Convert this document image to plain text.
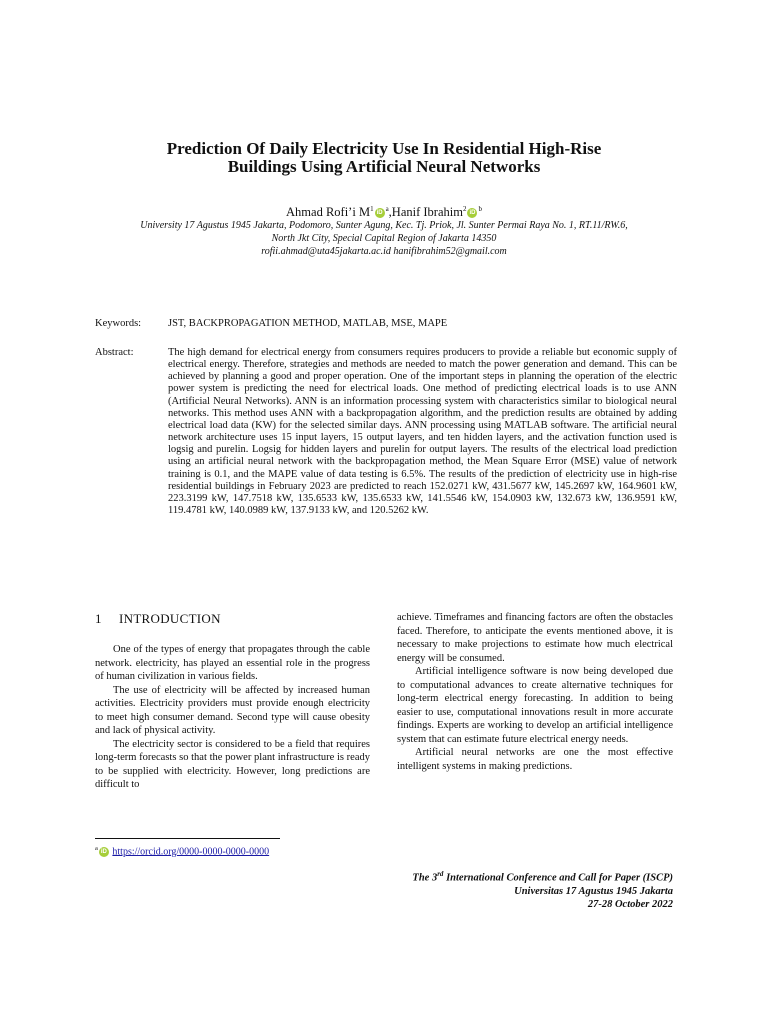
Prediction Of Daily Electricity Use In Residential High-Rise
Buildings Using Artificial Neural Networks
Ahmad Rofi’i $M^1iD^a,Hanif$ $Ibrahim^2iD^b$
University 17 Agustus 1945 Jakarta, Podomoro, Sunter Agung, Kec. Tj. Priok, Jl. Sunter Permai Raya No. 1, RT.11/RW.6,
North Jkt City, Special Capital Region of Jakarta 14350
rofii.ahmad@uta45jakarta.ac.id hanifibrahim52@gmail.com
Keywords:	JST, BACKPROPAGATION METHOD, MATLAB, MSE, MAPE
Abstract:	The high demand for electrical energy from consumers requires producers to provide a reliable but economic supply of electrical energy. Therefore, strategies and methods are needed to match the power generation and demand. This can be achieved by planning a good and proper operation. One of the important steps in planning the operation of the electric power system is predicting the need for electrical loads. One method of predicting electrical loads is to use ANN (Artificial Neural Networks). ANN is an information processing system with characteristics similar to biological neural networks. This method uses ANN with a backpropagation algorithm, and the prediction results are obtained by adding electrical load data (KW) for the selected similar days. ANN processing using MATLAB software. The artificial neural network architecture uses 15 input layers, 15 output layers, and ten hidden layers, and the activation function used is logsig and purelin. Logsig for hidden layers and purelin for output layers. The results of the electrical load prediction using an artificial neural network with the backpropagation method, the Mean Square Error (MSE) value of network training is 0.1, and the MAPE value of data testing is 6.5%. The results of the prediction of electricity use in high-rise residential buildings in February 2023 are predicted to reach 152.0271 kW, 431.5677 kW, 145.2697 kW, 164.9601 kW, 223.3199 kW, 147.7518 kW, 135.6533 kW, 135.6533 kW, 141.5546 kW, 154.0903 kW, 132.673 kW, 136.9591 kW, 119.4781 kW, 140.0989 kW, 137.9133 kW, and 120.5262 kW.
1 INTRODUCTION

One of the types of energy that propagates through the cable network. electricity, has played an essential role in the progress of human civilization in various fields.

The use of electricity will be affected by increased human activities. Electricity providers must provide enough electricity to meet high consumer demand. Second type will cause obesity and lack of physical activity.

The electricity sector is considered to be a field that requires long-term forecasts so that the power plant infrastructure is ready to be supplied with electricity. However, long predictions are difficult to

achieve. Timeframes and financing factors are often the obstacles faced. Therefore, to anticipate the events mentioned above, it is necessary to make projections to estimate how much electrical energy will be consumed.

Artificial intelligence software is now being developed due to computational advances to create alternative techniques for long-term electrical energy forecasting. In addition to being easier to use, computational innovations result in more accurate findings. Experts are working to develop an artificial intelligence system that can estimate future electrical energy needs.

Artificial neural networks are one the most effective intelligent systems in making predictions.

$^a$iD https://orcid.org/0000-0000-0000-0000
The 3rd International Conference and Call for Paper (ISCP)
Universitas 17 Agustus 1945 Jakarta
27-28 October 2022
